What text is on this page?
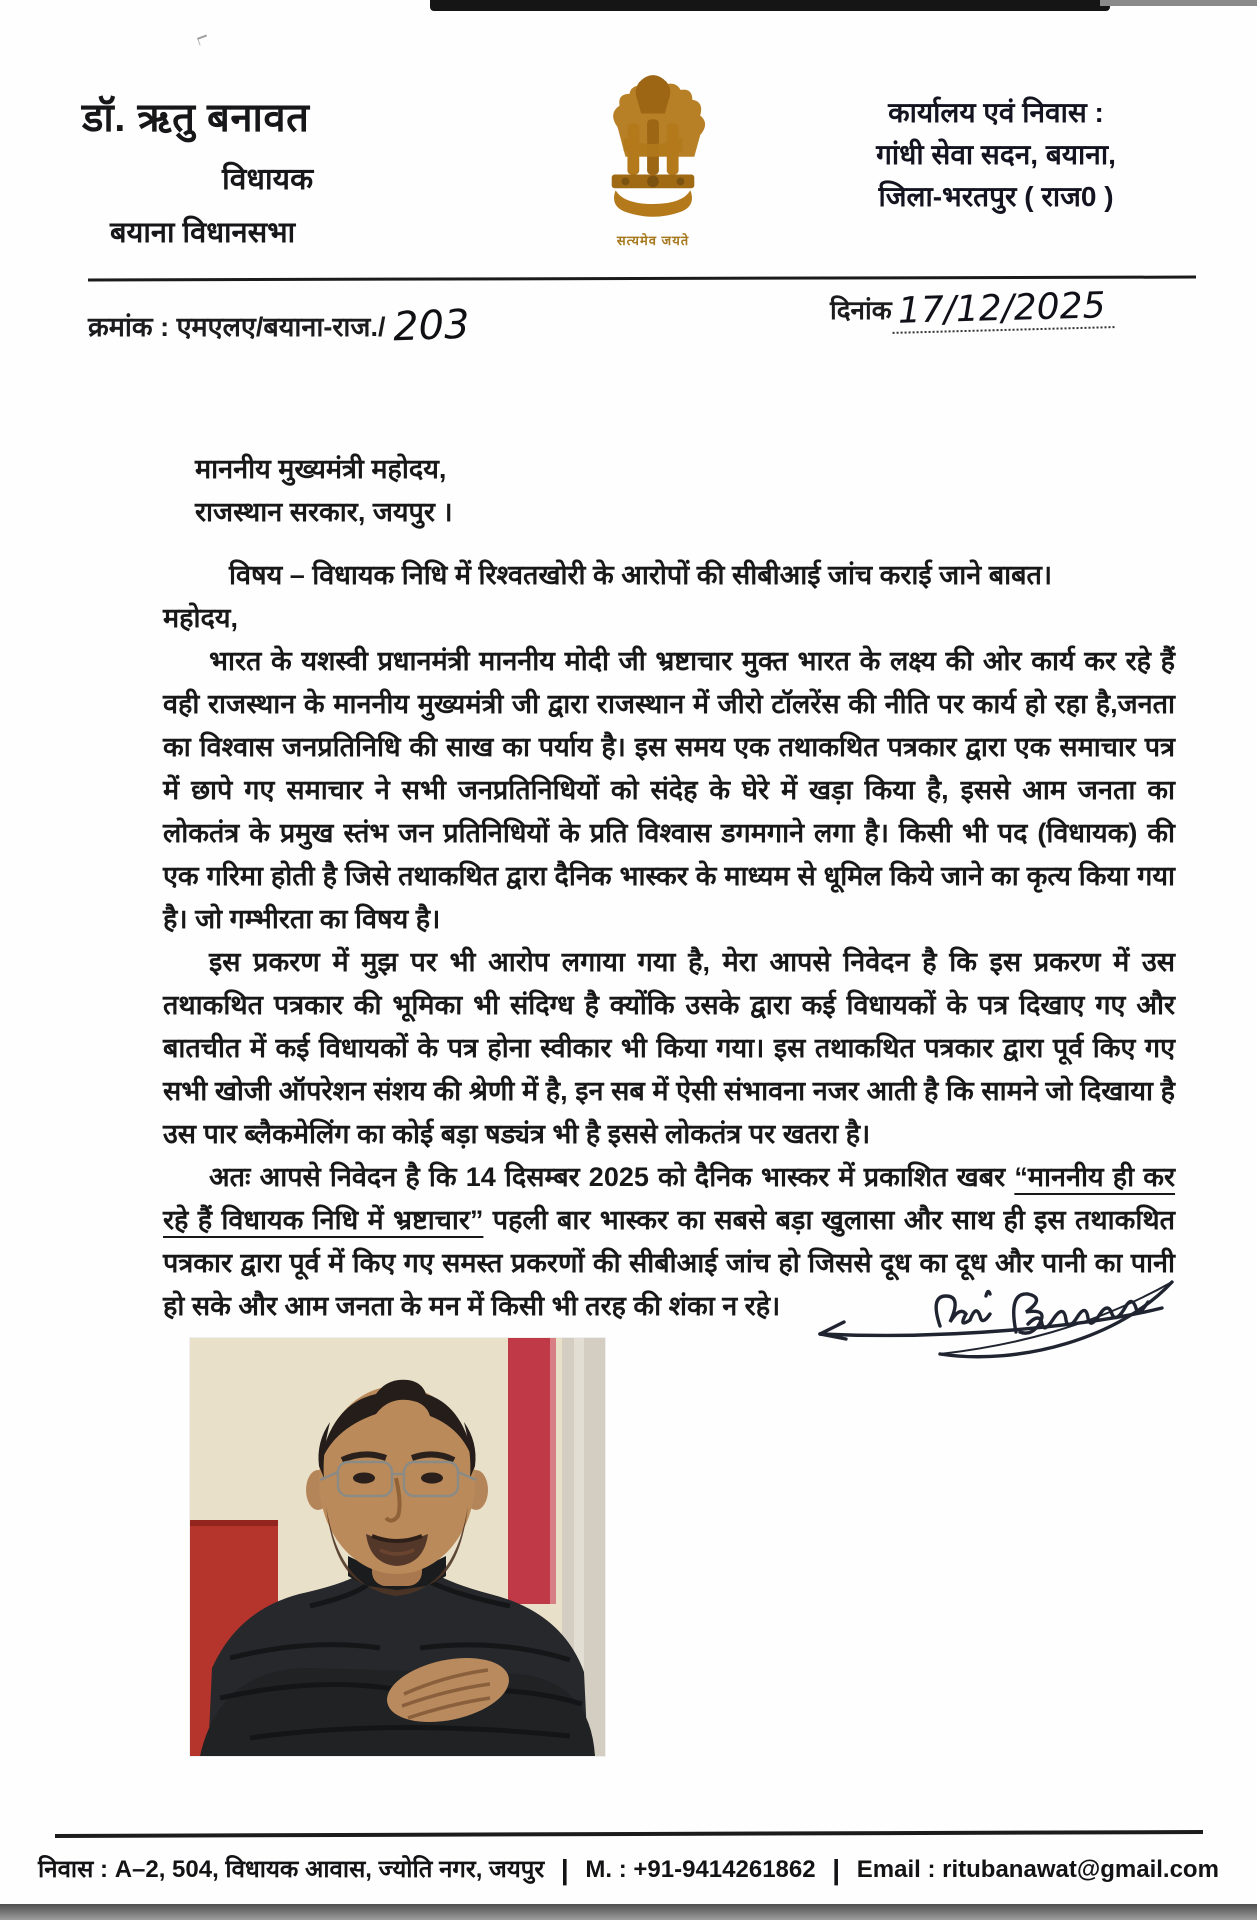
डॉ. ऋतु बनावत
विधायक
बयाना विधानसभा	सत्यमेव जयते
कार्यालय एवं निवास :
गांधी सेवा सदन, बयाना,
जिला-भरतपुर ( राज0 )
क्रमांक : एमएलए/बयाना-राज./ 203	दिनांक 17/12/2025
माननीय मुख्यमंत्री महोदय,
राजस्थान सरकार, जयपुर ।
विषय – विधायक निधि में रिश्वतखोरी के आरोपों की सीबीआई जांच कराई जाने बाबत।
महोदय,

भारत के यशस्वी प्रधानमंत्री माननीय मोदी जी भ्रष्टाचार मुक्त भारत के लक्ष्य की ओर कार्य कर रहे हैं वही राजस्थान के माननीय मुख्यमंत्री जी द्वारा राजस्थान में जीरो टॉलरेंस की नीति पर कार्य हो रहा है,जनता का विश्वास जनप्रतिनिधि की साख का पर्याय है। इस समय एक तथाकथित पत्रकार द्वारा एक समाचार पत्र में छापे गए समाचार ने सभी जनप्रतिनिधियों को संदेह के घेरे में खड़ा किया है, इससे आम जनता का लोकतंत्र के प्रमुख स्तंभ जन प्रतिनिधियों के प्रति विश्वास डगमगाने लगा है। किसी भी पद (विधायक) की एक गरिमा होती है जिसे तथाकथित द्वारा दैनिक भास्कर के माध्यम से धूमिल किये जाने का कृत्य किया गया है। जो गम्भीरता का विषय है।

इस प्रकरण में मुझ पर भी आरोप लगाया गया है, मेरा आपसे निवेदन है कि इस प्रकरण में उस तथाकथित पत्रकार की भूमिका भी संदिग्ध है क्योंकि उसके द्वारा कई विधायकों के पत्र दिखाए गए और बातचीत में कई विधायकों के पत्र होना स्वीकार भी किया गया। इस तथाकथित पत्रकार द्वारा पूर्व किए गए सभी खोजी ऑपरेशन संशय की श्रेणी में है, इन सब में ऐसी संभावना नजर आती है कि सामने जो दिखाया है उस पार ब्लैकमेलिंग का कोई बड़ा षड्यंत्र भी है इससे लोकतंत्र पर खतरा है।

अतः आपसे निवेदन है कि 14 दिसम्बर 2025 को दैनिक भास्कर में प्रकाशित खबर “माननीय ही कर रहे हैं विधायक निधि में भ्रष्टाचार” पहली बार भास्कर का सबसे बड़ा खुलासा और साथ ही इस तथाकथित पत्रकार द्वारा पूर्व में किए गए समस्त प्रकरणों की सीबीआई जांच हो जिससे दूध का दूध और पानी का पानी हो सके और आम जनता के मन में किसी भी तरह की शंका न रहे।

निवास : A–2, 504, विधायक आवास, ज्योति नगर, जयपुर | M. : +91-9414261862 | Email : ritubanawat@gmail.com
